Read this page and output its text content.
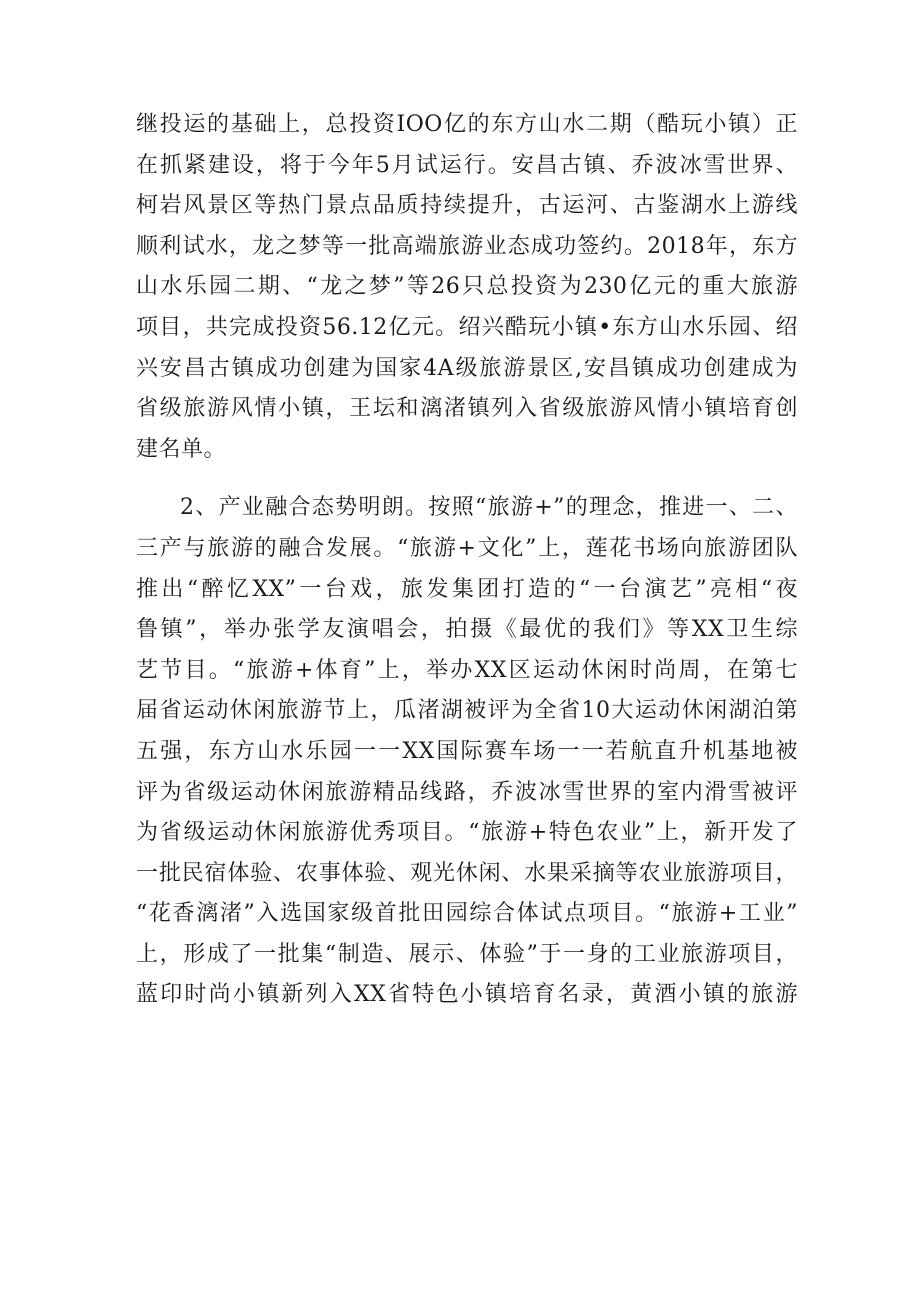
继投运的基础上，总投资IOO亿的东方山水二期（酷玩小镇）正
在抓紧建设，将于今年5月试运行。安昌古镇、乔波冰雪世界、
柯岩风景区等热门景点品质持续提升，古运河、古鉴湖水上游线
顺利试水，龙之梦等一批高端旅游业态成功签约。2018年，东方
山水乐园二期、“龙之梦”等26只总投资为230亿元的重大旅游
项目，共完成投资56.12亿元。绍兴酷玩小镇•东方山水乐园、绍
兴安昌古镇成功创建为国家4A级旅游景区,安昌镇成功创建成为
省级旅游风情小镇，王坛和漓渚镇列入省级旅游风情小镇培育创
建名单。
2、产业融合态势明朗。按照“旅游+”的理念，推进一、二、
三产与旅游的融合发展。“旅游+文化”上，莲花书场向旅游团队
推出“醉忆XX”一台戏，旅发集团打造的“一台演艺”亮相“夜
鲁镇”，举办张学友演唱会，拍摄《最优的我们》等XX卫生综
艺节目。“旅游+体育”上，举办XX区运动休闲时尚周，在第七
届省运动休闲旅游节上，瓜渚湖被评为全省10大运动休闲湖泊第
五强，东方山水乐园一一XX国际赛车场一一若航直升机基地被
评为省级运动休闲旅游精品线路，乔波冰雪世界的室内滑雪被评
为省级运动休闲旅游优秀项目。“旅游+特色农业”上，新开发了
一批民宿体验、农事体验、观光休闲、水果采摘等农业旅游项目，
“花香漓渚”入选国家级首批田园综合体试点项目。“旅游+工业”
上，形成了一批集“制造、展示、体验”于一身的工业旅游项目，
蓝印时尚小镇新列入XX省特色小镇培育名录，黄酒小镇的旅游
